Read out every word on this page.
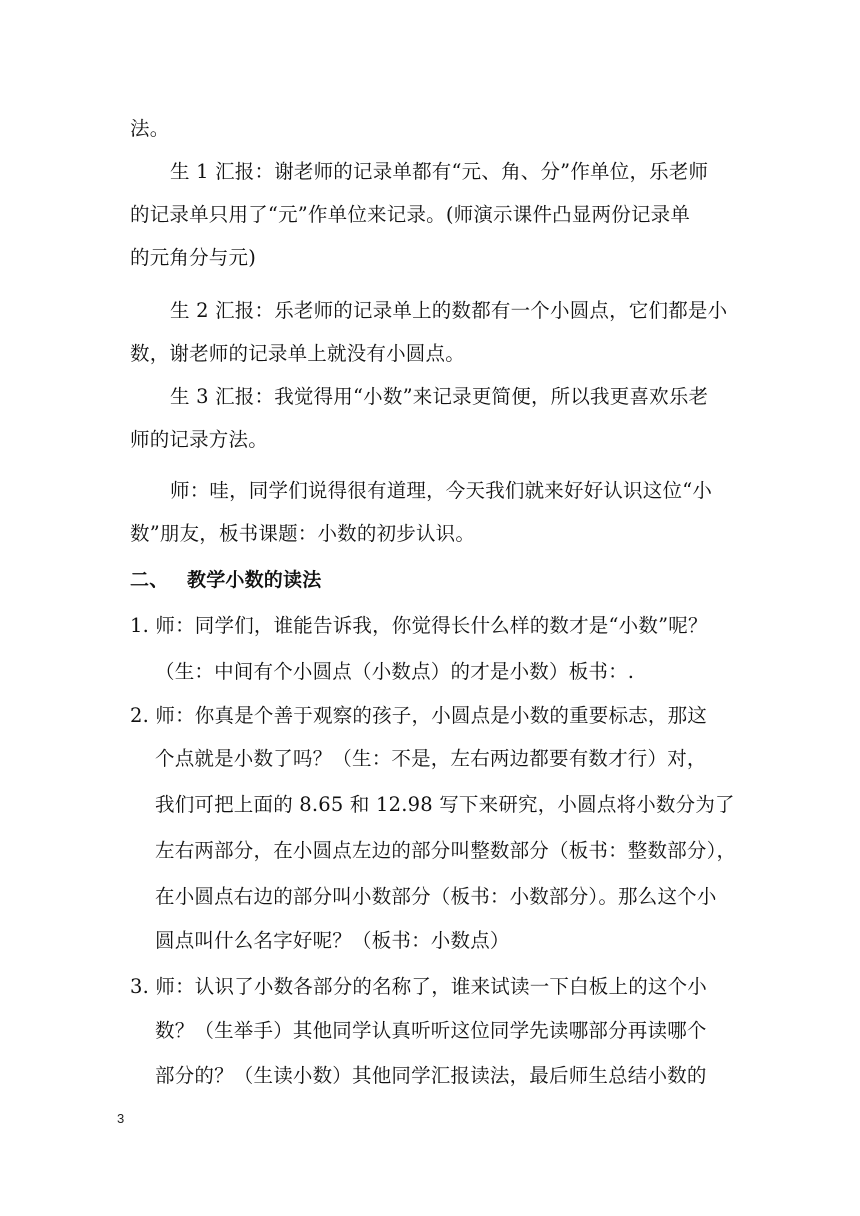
法。
生 1 汇报：谢老师的记录单都有“元、角、分”作单位，乐老师
的记录单只用了“元”作单位来记录。(师演示课件凸显两份记录单
的元角分与元)
生 2 汇报：乐老师的记录单上的数都有一个小圆点，它们都是小
数，谢老师的记录单上就没有小圆点。
生 3 汇报：我觉得用“小数”来记录更简便，所以我更喜欢乐老
师的记录方法。
师：哇，同学们说得很有道理，今天我们就来好好认识这位“小
数”朋友，板书课题：小数的初步认识。
二、 教学小数的读法
1. 师：同学们，谁能告诉我，你觉得长什么样的数才是“小数”呢？
（生：中间有个小圆点（小数点）的才是小数）板书：.
2. 师：你真是个善于观察的孩子，小圆点是小数的重要标志，那这
个点就是小数了吗？（生：不是，左右两边都要有数才行）对，
我们可把上面的 8.65 和 12.98 写下来研究，小圆点将小数分为了
左右两部分，在小圆点左边的部分叫整数部分（板书：整数部分），
在小圆点右边的部分叫小数部分（板书：小数部分）。那么这个小
圆点叫什么名字好呢？（板书：小数点）
3. 师：认识了小数各部分的名称了，谁来试读一下白板上的这个小
数？（生举手）其他同学认真听听这位同学先读哪部分再读哪个
部分的？（生读小数）其他同学汇报读法，最后师生总结小数的
3
